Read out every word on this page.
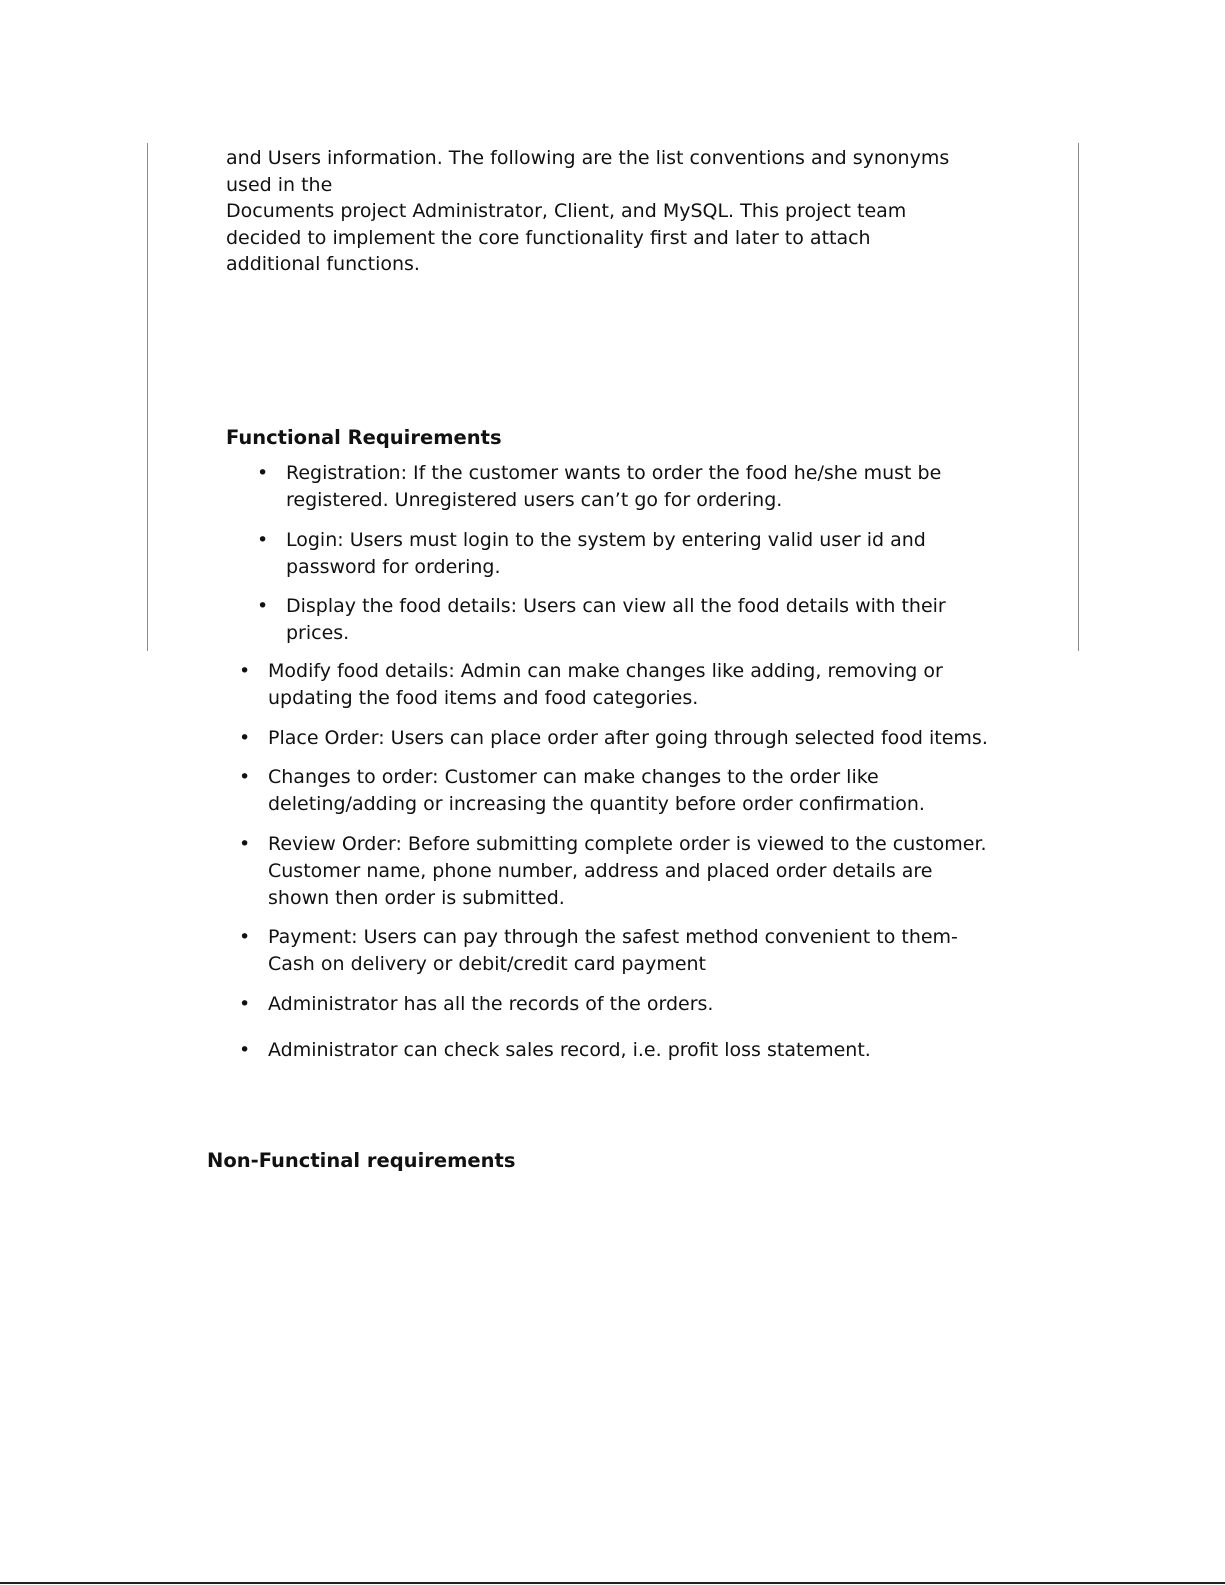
and Users information. The following are the list conventions and synonyms
used in the
Documents project Administrator, Client, and MySQL. This project team
decided to implement the core functionality first and later to attach
additional functions.

Functional Requirements
• Registration: If the customer wants to order the food he/she must be registered. Unregistered users can’t go for ordering.
• Login: Users must login to the system by entering valid user id and password for ordering.
• Display the food details: Users can view all the food details with their prices.
• Modify food details: Admin can make changes like adding, removing or updating the food items and food categories.
• Place Order: Users can place order after going through selected food items.
• Changes to order: Customer can make changes to the order like deleting/adding or increasing the quantity before order confirmation.
• Review Order: Before submitting complete order is viewed to the customer. Customer name, phone number, address and placed order details are shown then order is submitted.
• Payment: Users can pay through the safest method convenient to them- Cash on delivery or debit/credit card payment
• Administrator has all the records of the orders.
• Administrator can check sales record, i.e. profit loss statement.
Non-Functinal requirements
